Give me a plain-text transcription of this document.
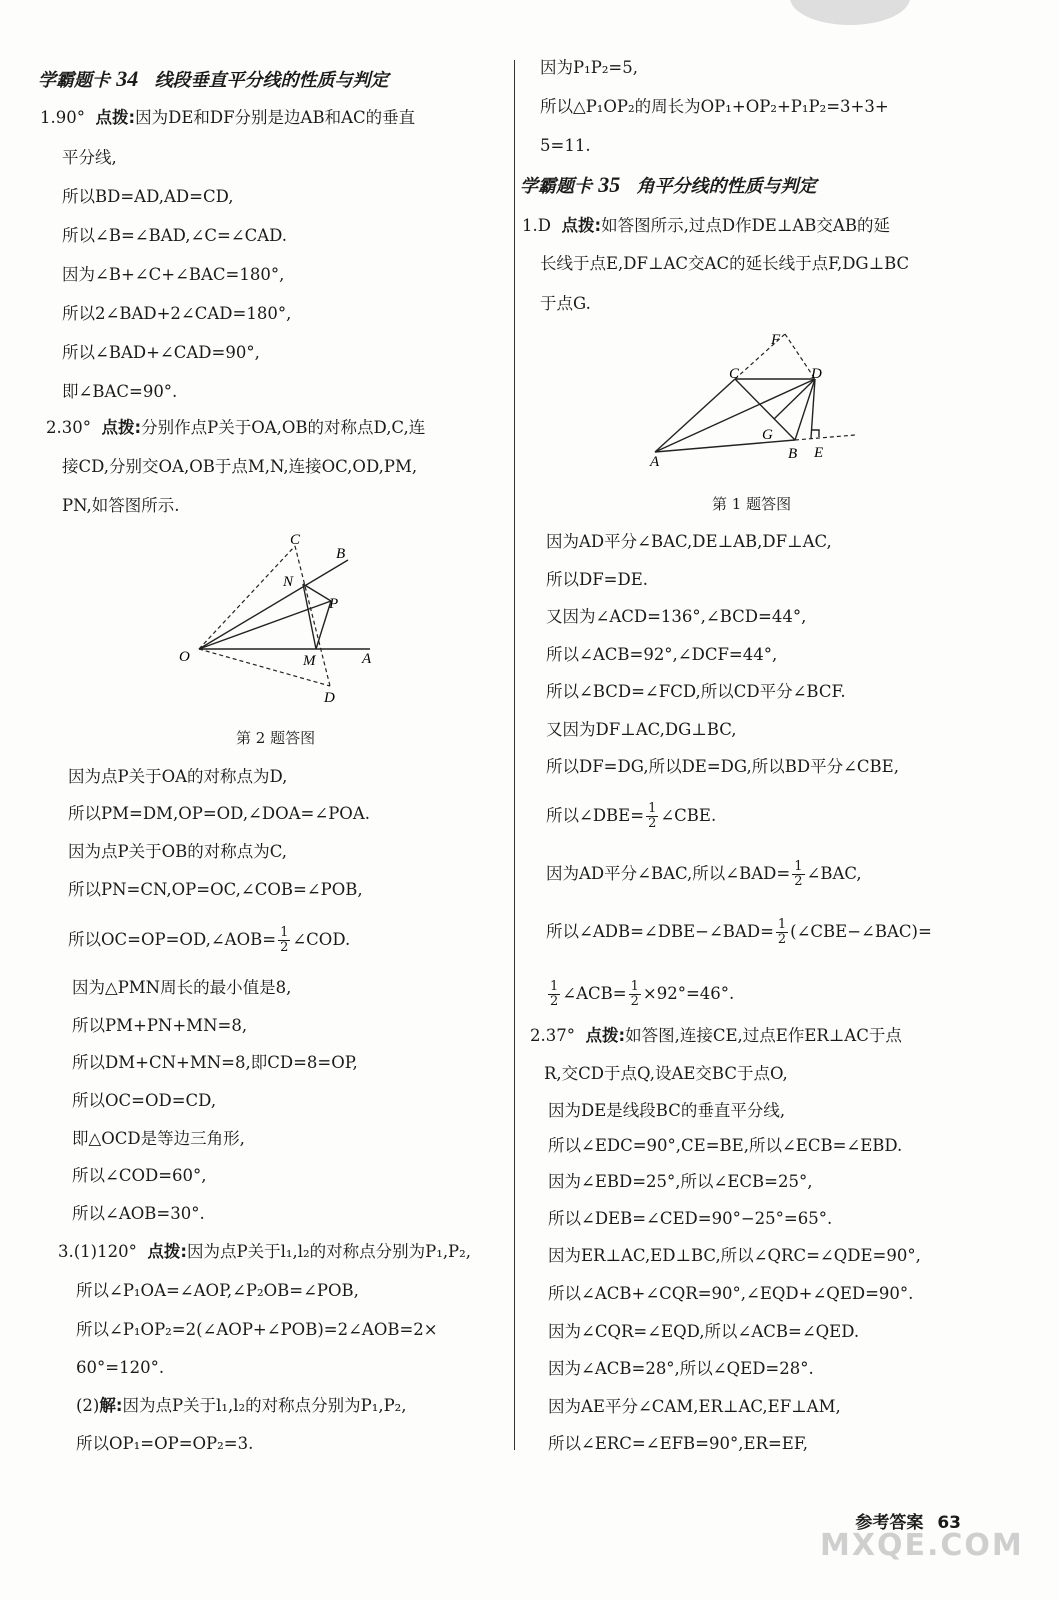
学霸题卡 34 线段垂直平分线的性质与判定
1.90° 点拨:因为DE和DF分别是边AB和AC的垂直
平分线,
所以BD=AD,AD=CD,
所以∠B=∠BAD,∠C=∠CAD.
因为∠B+∠C+∠BAC=180°,
所以2∠BAD+2∠CAD=180°,
所以∠BAD+∠CAD=90°,
即∠BAC=90°.
2.30° 点拨:分别作点P关于OA,OB的对称点D,C,连
接CD,分别交OA,OB于点M,N,连接OC,OD,PM,
PN,如答图所示.
C
B
N
P
O	M	A
D
第 2 题答图
因为点P关于OA的对称点为D,
所以PM=DM,OP=OD,∠DOA=∠POA.
因为点P关于OB的对称点为C,
所以PN=CN,OP=OC,∠COB=∠POB,
所以OC=OP=OD,∠AOB= $\frac{1}{2}$ ∠COD.
因为△PMN周长的最小值是8,
所以PM+PN+MN=8,
所以DM+CN+MN=8,即CD=8=OP,
所以OC=OD=CD,
即△OCD是等边三角形,
所以∠COD=60°,
所以∠AOB=30°.
3.(1)120° 点拨:因为点P关于l₁,l₂的对称点分别为P₁,P₂,
所以∠P₁OA=∠AOP,∠P₂OB=∠POB,
所以∠P₁OP₂=2(∠AOP+∠POB)=2∠AOB=2×
60°=120°.
(2)解:因为点P关于l₁,l₂的对称点分别为P₁,P₂,
所以OP₁=OP=OP₂=3.
因为P₁P₂=5,
所以△P₁OP₂的周长为OP₁+OP₂+P₁P₂=3+3+
5=11.
学霸题卡 35 角平分线的性质与判定
1.D 点拨:如答图所示,过点D作DE⊥AB交AB的延
长线于点E,DF⊥AC交AC的延长线于点F,DG⊥BC
于点G.
F
C	D
G
A	B E
第 1 题答图
因为AD平分∠BAC,DE⊥AB,DF⊥AC,
所以DF=DE.
又因为∠ACD=136°,∠BCD=44°,
所以∠ACB=92°,∠DCF=44°,
所以∠BCD=∠FCD,所以CD平分∠BCF.
又因为DF⊥AC,DG⊥BC,
所以DF=DG,所以DE=DG,所以BD平分∠CBE,
所以∠DBE= $\frac{1}{2}$ ∠CBE.
因为AD平分∠BAC,所以∠BAD= $\frac{1}{2}$ ∠BAC,
所以∠ADB=∠DBE−∠BAD= $\frac{1}{2}$ (∠CBE−∠BAC)=
$\frac{1}{2}$ ∠ACB= $\frac{1}{2} \times 92^\circ=46^\circ$.
2.37° 点拨:如答图,连接CE,过点E作ER⊥AC于点
R,交CD于点Q,设AE交BC于点O,
因为DE是线段BC的垂直平分线,
所以∠EDC=90°,CE=BE,所以∠ECB=∠EBD.
因为∠EBD=25°,所以∠ECB=25°,
所以∠DEB=∠CED=90°−25°=65°.
因为ER⊥AC,ED⊥BC,所以∠QRC=∠QDE=90°,
所以∠ACB+∠CQR=90°,∠EQD+∠QED=90°.
因为∠CQR=∠EQD,所以∠ACB=∠QED.
因为∠ACB=28°,所以∠QED=28°.
因为AE平分∠CAM,ER⊥AC,EF⊥AM,
所以∠ERC=∠EFB=90°,ER=EF,
参考答案 63
MXQE.COM
